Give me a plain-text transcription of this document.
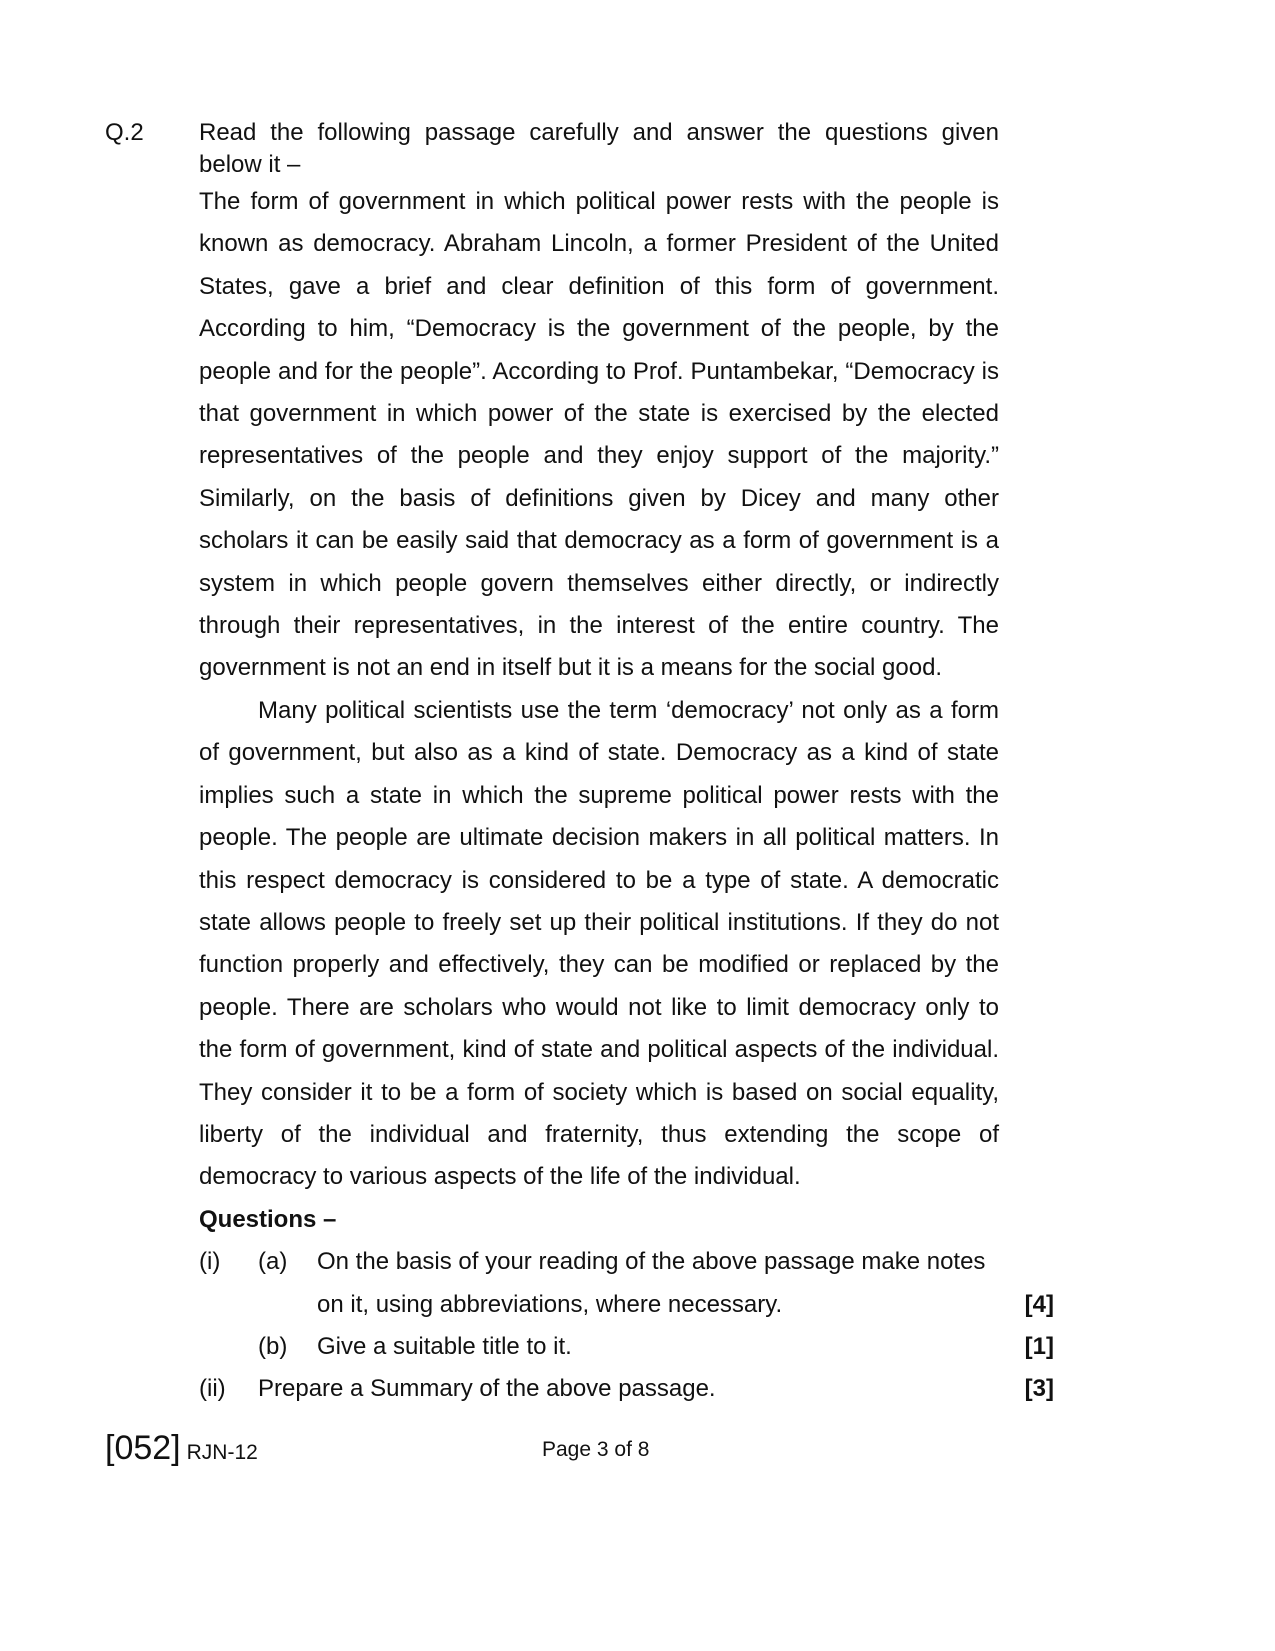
Q.2 Read the following passage carefully and answer the questions given below it –

The form of government in which political power rests with the people is known as democracy. Abraham Lincoln, a former President of the United States, gave a brief and clear definition of this form of government. According to him, “Democracy is the government of the people, by the people and for the people”. According to Prof. Puntambekar, “Democracy is that government in which power of the state is exercised by the elected representatives of the people and they enjoy support of the majority.” Similarly, on the basis of definitions given by Dicey and many other scholars it can be easily said that democracy as a form of government is a system in which people govern themselves either directly, or indirectly through their representatives, in the interest of the entire country. The government is not an end in itself but it is a means for the social good.

Many political scientists use the term ‘democracy’ not only as a form of government, but also as a kind of state. Democracy as a kind of state implies such a state in which the supreme political power rests with the people. The people are ultimate decision makers in all political matters. In this respect democracy is considered to be a type of state. A democratic state allows people to freely set up their political institutions. If they do not function properly and effectively, they can be modified or replaced by the people. There are scholars who would not like to limit democracy only to the form of government, kind of state and political aspects of the individual. They consider it to be a form of society which is based on social equality, liberty of the individual and fraternity, thus extending the scope of democracy to various aspects of the life of the individual.

Questions –

(i) (a) On the basis of your reading of the above passage make notes
on it, using abbreviations, where necessary.	[4]
(b) Give a suitable title to it.	[1]
(ii) Prepare a Summary of the above passage.	[3]
[052] RJN-12	Page 3 of 8
